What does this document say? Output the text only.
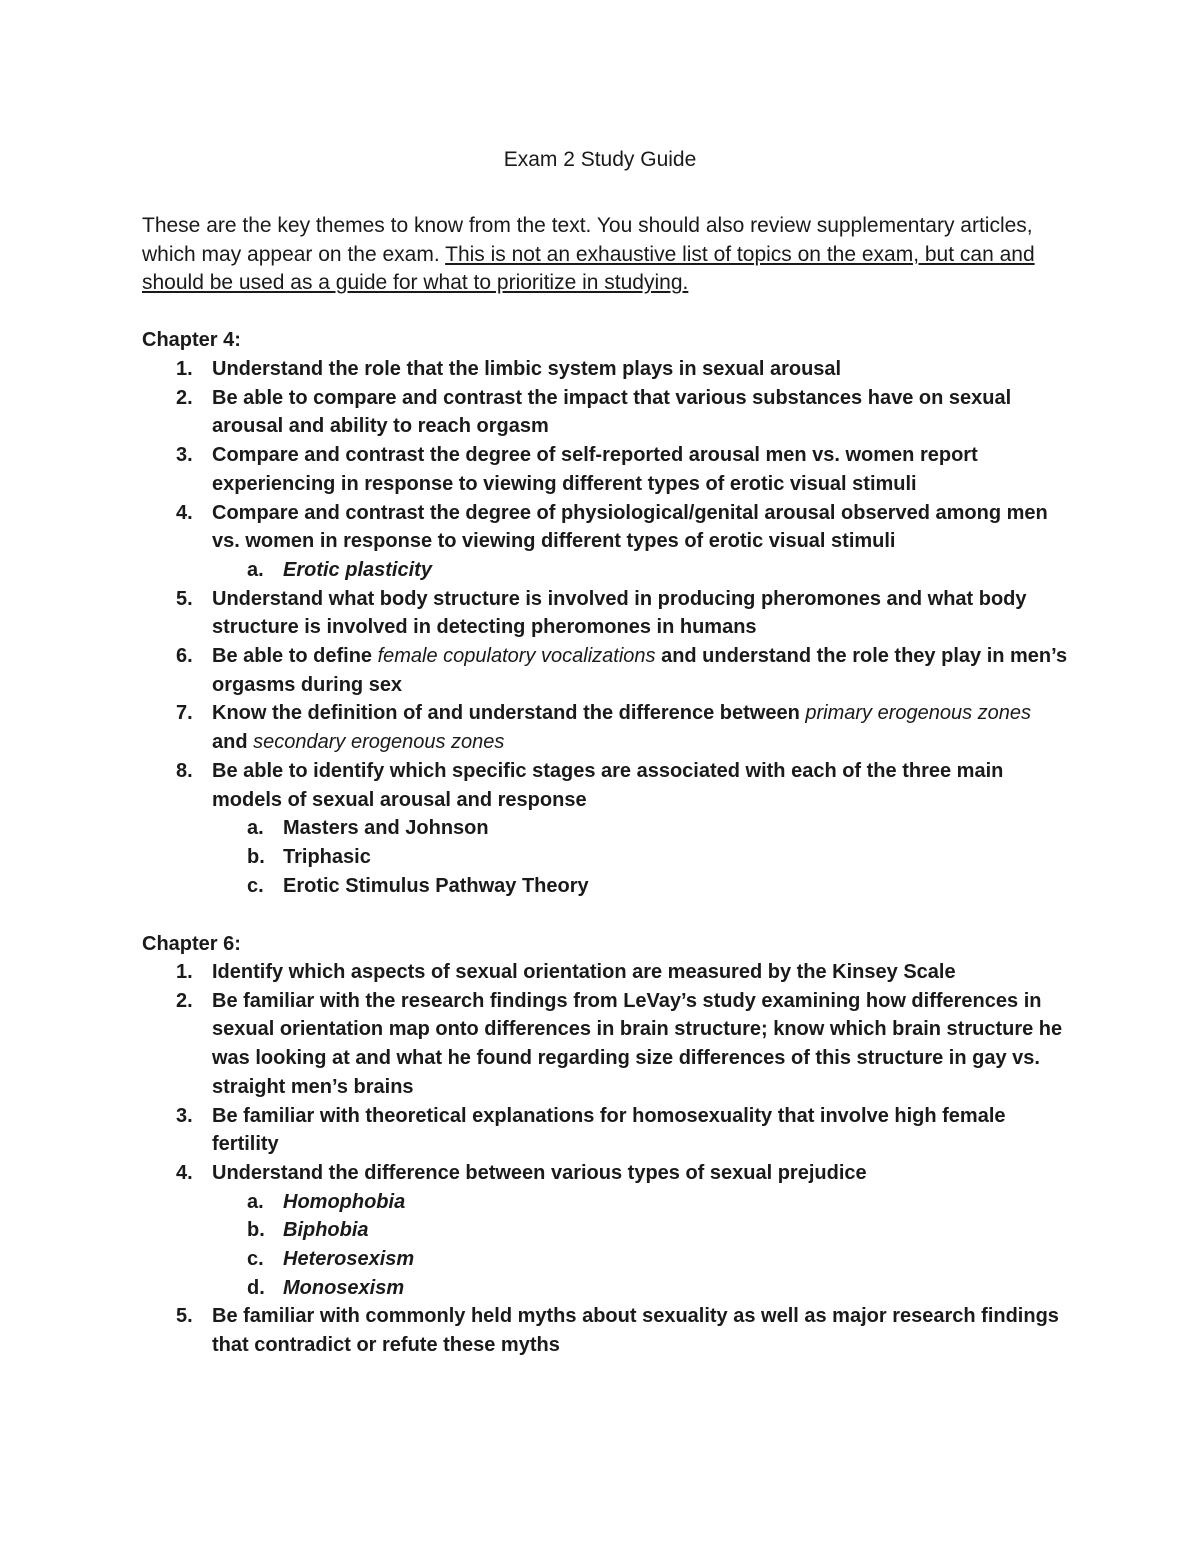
Exam 2 Study Guide
These are the key themes to know from the text. You should also review supplementary articles, which may appear on the exam. This is not an exhaustive list of topics on the exam, but can and should be used as a guide for what to prioritize in studying.
Chapter 4:
1. Understand the role that the limbic system plays in sexual arousal
2. Be able to compare and contrast the impact that various substances have on sexual arousal and ability to reach orgasm
3. Compare and contrast the degree of self-reported arousal men vs. women report experiencing in response to viewing different types of erotic visual stimuli
4. Compare and contrast the degree of physiological/genital arousal observed among men vs. women in response to viewing different types of erotic visual stimuli
a. Erotic plasticity
5. Understand what body structure is involved in producing pheromones and what body structure is involved in detecting pheromones in humans
6. Be able to define female copulatory vocalizations and understand the role they play in men’s orgasms during sex
7. Know the definition of and understand the difference between primary erogenous zones and secondary erogenous zones
8. Be able to identify which specific stages are associated with each of the three main models of sexual arousal and response
a. Masters and Johnson
b. Triphasic
c. Erotic Stimulus Pathway Theory
Chapter 6:
1. Identify which aspects of sexual orientation are measured by the Kinsey Scale
2. Be familiar with the research findings from LeVay’s study examining how differences in sexual orientation map onto differences in brain structure; know which brain structure he was looking at and what he found regarding size differences of this structure in gay vs. straight men’s brains
3. Be familiar with theoretical explanations for homosexuality that involve high female fertility
4. Understand the difference between various types of sexual prejudice
a. Homophobia
b. Biphobia
c. Heterosexism
d. Monosexism
5. Be familiar with commonly held myths about sexuality as well as major research findings that contradict or refute these myths
